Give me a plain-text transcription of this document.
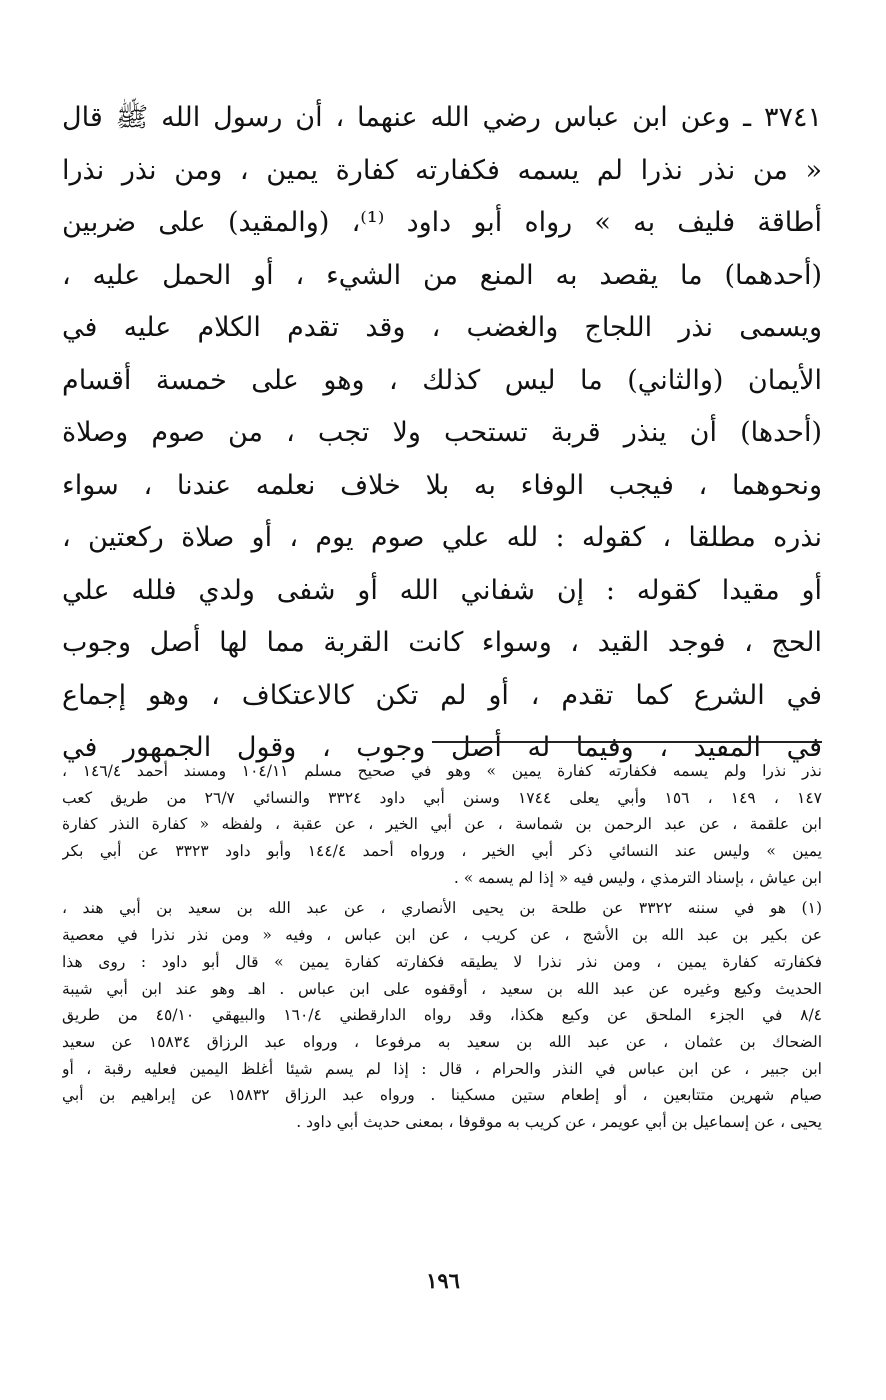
٣٧٤١ ـ وعن ابن عباس رضي الله عنهما ، أن رسول الله ﷺ قال
« من نذر نذرا لم يسمه فكفارته كفارة يمين ، ومن نذر نذرا
أطاقة فليف به » رواه أبو داود ⁽¹⁾، (والمقيد) على ضربين
(أحدهما) ما يقصد به المنع من الشيء ، أو الحمل عليه ،
ويسمى نذر اللجاج والغضب ، وقد تقدم الكلام عليه في
الأيمان (والثاني) ما ليس كذلك ، وهو على خمسة أقسام
(أحدها) أن ينذر قربة تستحب ولا تجب ، من صوم وصلاة
ونحوهما ، فيجب الوفاء به بلا خلاف نعلمه عندنا ، سواء
نذره مطلقا ، كقوله : لله علي صوم يوم ، أو صلاة ركعتين ،
أو مقيدا كقوله : إن شفاني الله أو شفى ولدي فلله علي
الحج ، فوجد القيد ، وسواء كانت القربة مما لها أصل وجوب
في الشرع كما تقدم ، أو لم تكن كالاعتكاف ، وهو إجماع
في المقيد ، وفيما له أصل وجوب ، وقول الجمهور في
نذر نذرا ولم يسمه فكفارته كفارة يمين » وهو في صحيح مسلم ١٠٤/١١ ومسند أحمد ١٤٦/٤ ،
١٤٧ ، ١٤٩ ، ١٥٦ وأبي يعلى ١٧٤٤ وسنن أبي داود ٣٣٢٤ والنسائي ٢٦/٧ من طريق كعب
ابن علقمة ، عن عبد الرحمن بن شماسة ، عن أبي الخير ، عن عقبة ، ولفظه « كفارة النذر كفارة
يمين » وليس عند النسائي ذكر أبي الخير ، ورواه أحمد ١٤٤/٤ وأبو داود ٣٣٢٣ عن أبي بكر
ابن عياش ، بإسناد الترمذي ، وليس فيه « إذا لم يسمه » .
(١) هو في سننه ٣٣٢٢ عن طلحة بن يحيى الأنصاري ، عن عبد الله بن سعيد بن أبي هند ،
عن بكير بن عبد الله بن الأشج ، عن كريب ، عن ابن عباس ، وفيه « ومن نذر نذرا في معصية
فكفارته كفارة يمين ، ومن نذر نذرا لا يطيقه فكفارته كفارة يمين » قال أبو داود : روى هذا
الحديث وكيع وغيره عن عبد الله بن سعيد ، أوقفوه على ابن عباس . اهـ وهو عند ابن أبي شيبة
٨/٤ في الجزء الملحق عن وكيع هكذا، وقد رواه الدارقطني ١٦٠/٤ والبيهقي ٤٥/١٠ من طريق
الضحاك بن عثمان ، عن عبد الله بن سعيد به مرفوعا ، ورواه عبد الرزاق ١٥٨٣٤ عن سعيد
ابن جبير ، عن ابن عباس في النذر والحرام ، قال : إذا لم يسم شيئا أغلظ اليمين فعليه رقبة ، أو
صيام شهرين متتابعين ، أو إطعام ستين مسكينا . ورواه عبد الرزاق ١٥٨٣٢ عن إبراهيم بن أبي
يحيى ، عن إسماعيل بن أبي عويمر ، عن كريب به موقوفا ، بمعنى حديث أبي داود .
١٩٦
